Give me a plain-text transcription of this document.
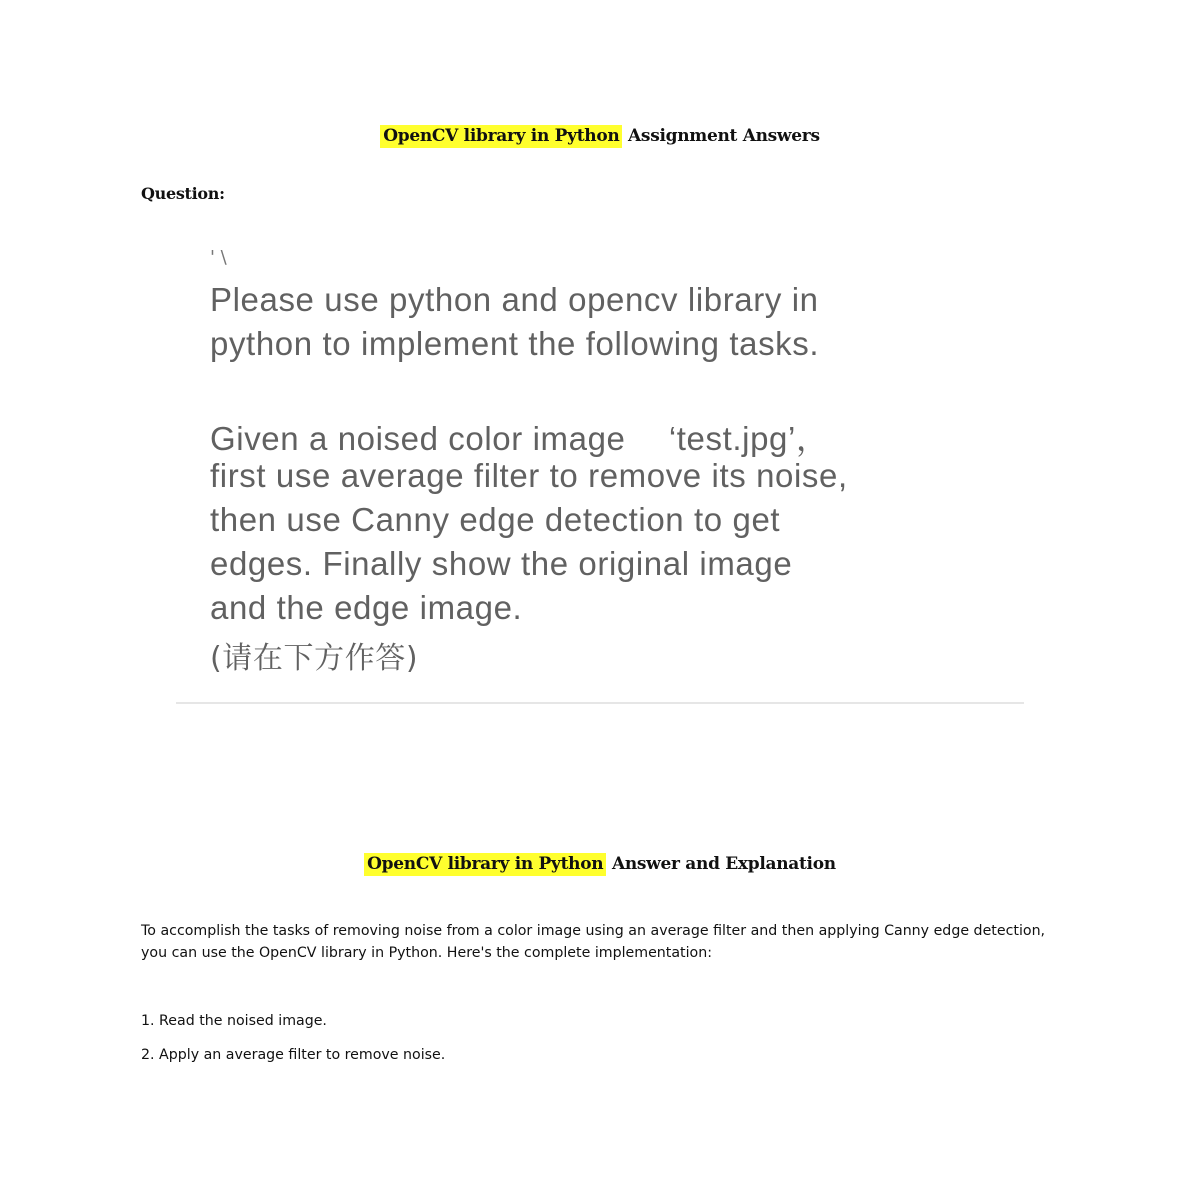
OpenCV library in Python Assignment Answers
Question:
' \
Please use python and opencv library in
python to implement the following tasks.
Given a noised color image 　‘test.jpg’，
first use average filter to remove its noise,
then use Canny edge detection to get
edges. Finally show the original image
and the edge image.
(请在下方作答)
OpenCV library in Python Answer and Explanation
To accomplish the tasks of removing noise from a color image using an average filter and then applying Canny edge detection, you can use the OpenCV library in Python. Here's the complete implementation:
1. Read the noised image.
2. Apply an average filter to remove noise.
